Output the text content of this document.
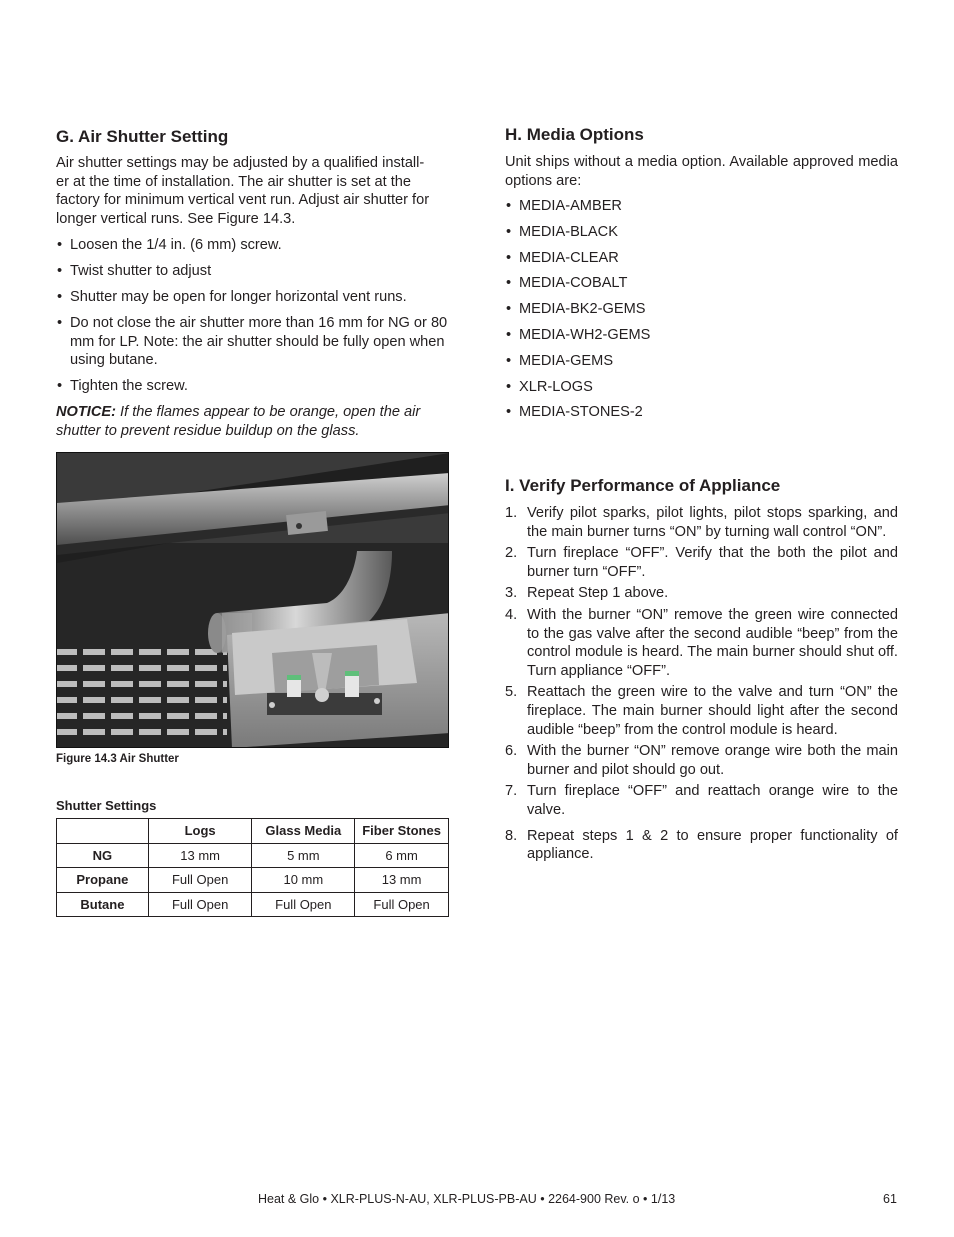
G. Air Shutter Setting

Air shutter settings may be adjusted by a qualified install-

er at the time of installation. The air shutter is set at the

factory for minimum vertical vent run. Adjust air shutter for

longer vertical runs. See Figure 14.3.

• Loosen the 1/4 in. (6 mm) screw.
• Twist shutter to adjust
• Shutter may be open for longer horizontal vent runs.
• Do not close the air shutter more than 16 mm for NG or 80 mm for LP. Note: the air shutter should be fully open when using butane.
• Tighten the screw.

NOTICE: If the flames appear to be orange, open the air shutter to prevent residue buildup on the glass.

Figure 14.3 Air Shutter
Shutter Settings
	Logs	Glass Media	Fiber Stones
NG	13 mm	5 mm	6 mm
Propane	Full Open	10 mm	13 mm
Butane	Full Open	Full Open	Full Open
H. Media Options

Unit ships without a media option. Available approved media options are:

• MEDIA-AMBER
• MEDIA-BLACK
• MEDIA-CLEAR
• MEDIA-COBALT
• MEDIA-BK2-GEMS
• MEDIA-WH2-GEMS
• MEDIA-GEMS
• XLR-LOGS
• MEDIA-STONES-2
I. Verify Performance of Appliance
1. Verify pilot sparks, pilot lights, pilot stops sparking, and the main burner turns “ON” by turning wall control “ON”.
2. Turn fireplace “OFF”. Verify that the both the pilot and burner turn “OFF”.
3. Repeat Step 1 above.
4. With the burner “ON” remove the green wire connected to the gas valve after the second audible “beep” from the control module is heard. The main burner should shut off. Turn appliance “OFF”.
5. Reattach the green wire to the valve and turn “ON” the fireplace. The main burner should light after the second audible “beep” from the control module is heard.
6. With the burner “ON” remove orange wire both the main burner and pilot should go out.
7. Turn fireplace “OFF” and reattach orange wire to the valve.
8. Repeat steps 1 & 2 to ensure proper functionality of appliance.
Heat & Glo • XLR-PLUS-N-AU, XLR-PLUS-PB-AU • 2264-900 Rev. o • 1/13	61
